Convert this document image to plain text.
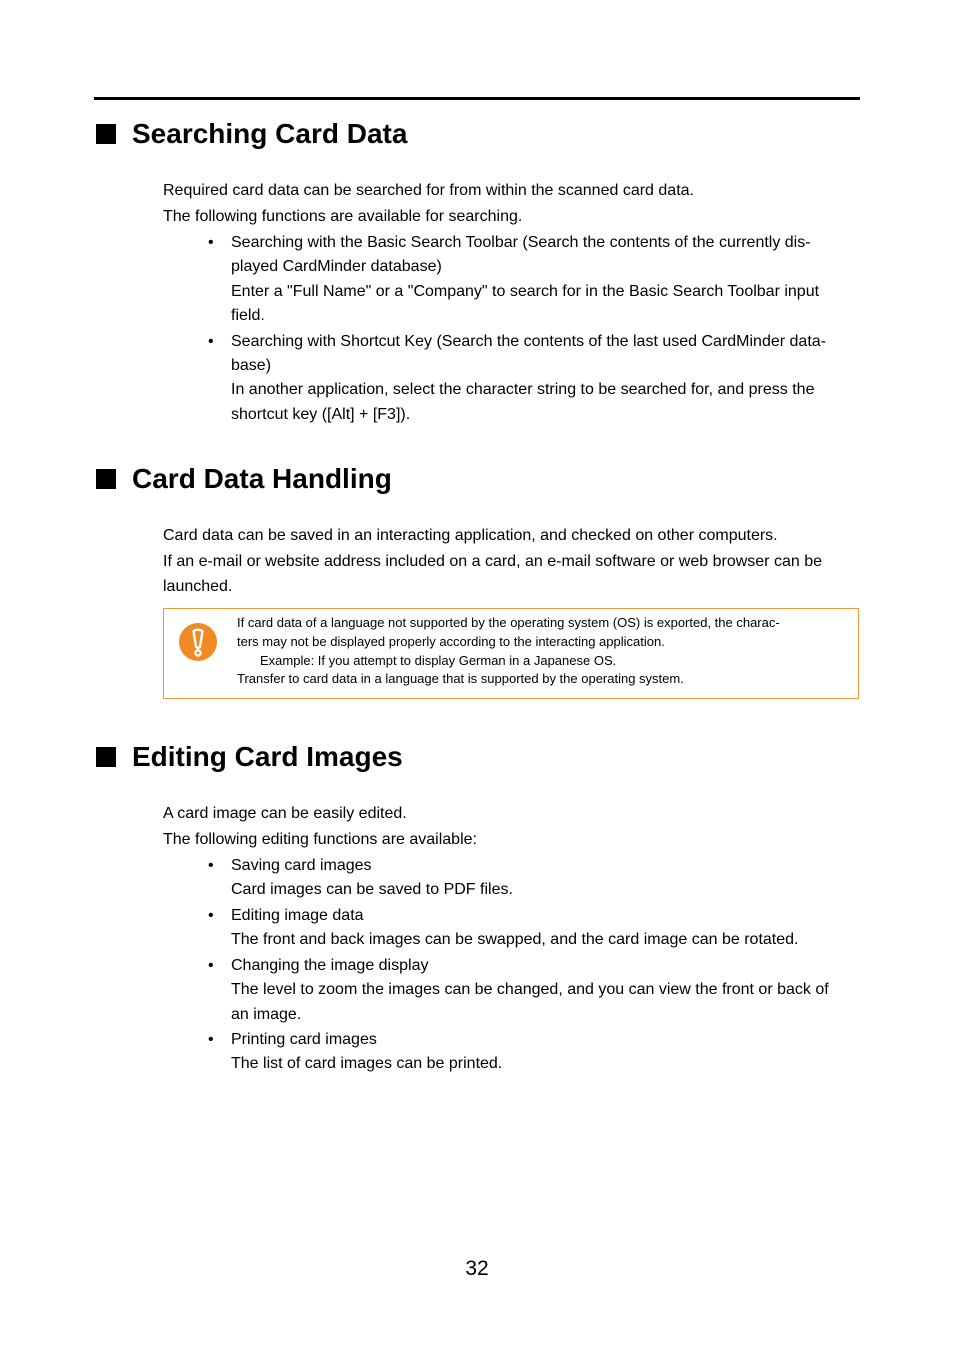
Searching Card Data
Required card data can be searched for from within the scanned card data.
The following functions are available for searching.
• Searching with the Basic Search Toolbar (Search the contents of the currently dis-
played CardMinder database)
Enter a "Full Name" or a "Company" to search for in the Basic Search Toolbar input
field.
• Searching with Shortcut Key (Search the contents of the last used CardMinder data-
base)
In another application, select the character string to be searched for, and press the
shortcut key ([Alt] + [F3]).
Card Data Handling
Card data can be saved in an interacting application, and checked on other computers.
If an e-mail or website address included on a card, an e-mail software or web browser can be
launched.
If card data of a language not supported by the operating system (OS) is exported, the charac-
ters may not be displayed properly according to the interacting application.
Example: If you attempt to display German in a Japanese OS.
Transfer to card data in a language that is supported by the operating system.
Editing Card Images
A card image can be easily edited.
The following editing functions are available:
• Saving card images
Card images can be saved to PDF files.
• Editing image data
The front and back images can be swapped, and the card image can be rotated.
• Changing the image display
The level to zoom the images can be changed, and you can view the front or back of
an image.
• Printing card images
The list of card images can be printed.
32
